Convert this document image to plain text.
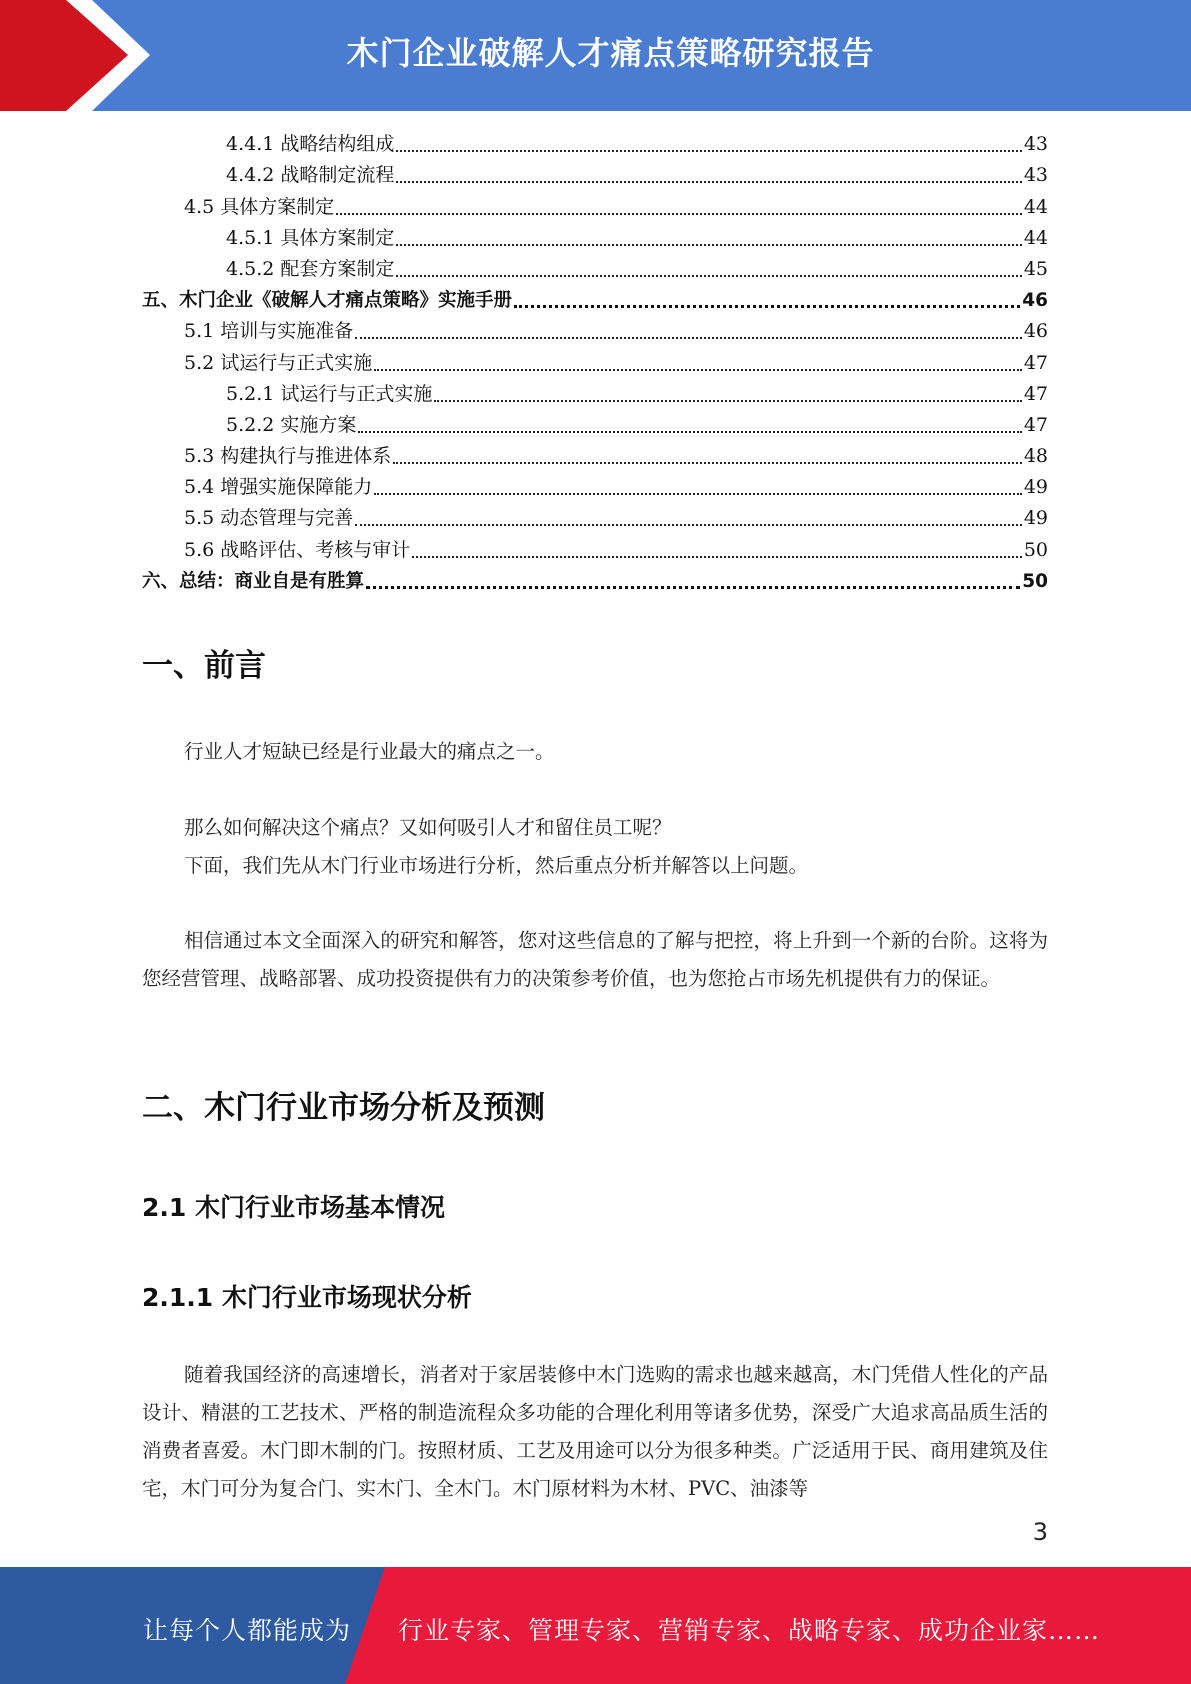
木门企业破解人才痛点策略研究报告
4.4.1 战略结构组成	43
4.4.2 战略制定流程	43
4.5 具体方案制定	44
4.5.1 具体方案制定	44
4.5.2 配套方案制定	45
五、木门企业《破解人才痛点策略》实施手册	46
5.1 培训与实施准备	46
5.2 试运行与正式实施	47
5.2.1 试运行与正式实施	47
5.2.2 实施方案	47
5.3 构建执行与推进体系	48
5.4 增强实施保障能力	49
5.5 动态管理与完善	49
5.6 战略评估、考核与审计	50
六、总结：商业自是有胜算	50
一、前言
行业人才短缺已经是行业最大的痛点之一。
那么如何解决这个痛点？又如何吸引人才和留住员工呢？
下面，我们先从木门行业市场进行分析，然后重点分析并解答以上问题。
相信通过本文全面深入的研究和解答，您对这些信息的了解与把控，将上升到一个新的台阶。这将为您经营管理、战略部署、成功投资提供有力的决策参考价值，也为您抢占市场先机提供有力的保证。
二、木门行业市场分析及预测
2.1 木门行业市场基本情况
2.1.1 木门行业市场现状分析
随着我国经济的高速增长，消者对于家居装修中木门选购的需求也越来越高，木门凭借人性化的产品设计、精湛的工艺技术、严格的制造流程众多功能的合理化利用等诸多优势，深受广大追求高品质生活的消费者喜爱。木门即木制的门。按照材质、工艺及用途可以分为很多种类。广泛适用于民、商用建筑及住宅，木门可分为复合门、实木门、全木门。木门原材料为木材、PVC、油漆等
3
让每个人都能成为 行业专家、管理专家、营销专家、战略专家、成功企业家……
